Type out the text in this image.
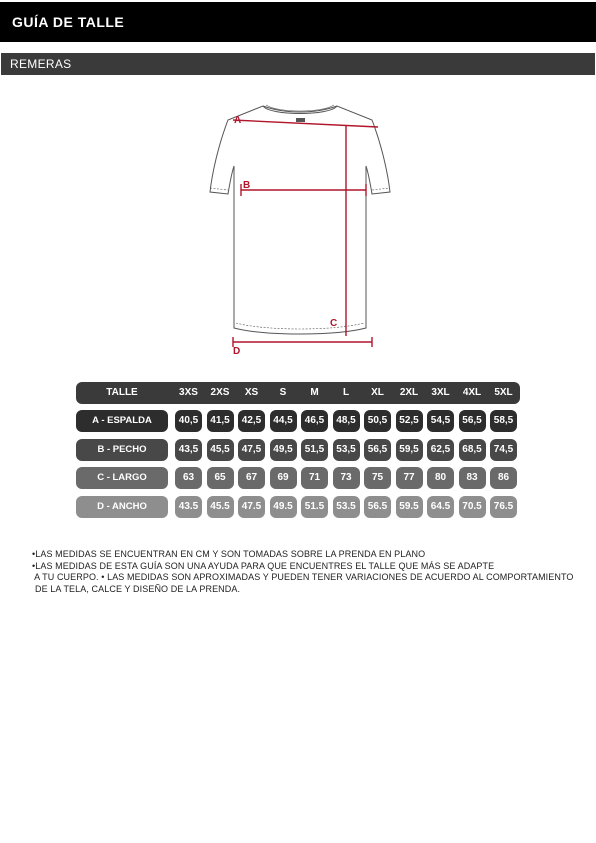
GUÍA DE TALLE
REMERAS
A
B
C
D
TALLE	3XS	2XS	XS	S	M	L	XL	2XL	3XL	4XL	5XL
A - ESPALDA	40,5	41,5	42,5	44,5	46,5	48,5	50,5	52,5	54,5	56,5	58,5
B - PECHO	43,5	45,5	47,5	49,5	51,5	53,5	56,5	59,5	62,5	68,5	74,5
C - LARGO	63	65	67	69	71	73	75	77	80	83	86
D - ANCHO	43.5	45.5	47.5	49.5	51.5	53.5	56.5	59.5	64.5	70.5	76.5

•LAS MEDIDAS SE ENCUENTRAN EN CM Y SON TOMADAS SOBRE LA PRENDA EN PLANO

•LAS MEDIDAS DE ESTA GUÍA SON UNA AYUDA PARA QUE ENCUENTRES EL TALLE QUE MÁS SE ADAPTE

A TU CUERPO. • LAS MEDIDAS SON APROXIMADAS Y PUEDEN TENER VARIACIONES DE ACUERDO AL COMPORTAMIENTO

DE LA TELA, CALCE Y DISEÑO DE LA PRENDA.
